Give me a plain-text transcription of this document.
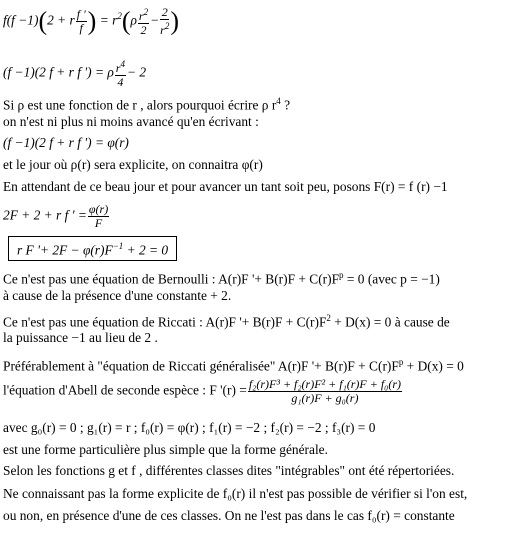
f(f −1)(2 + r $\frac{f '}{f}$ ) = $r^2(\rho \frac{r^2}{2} - \frac{2}{r^2}$ )
(f −1)(2 f + r f ') = ρ $\frac{r^4}{4} - 2$
Si ρ est une fonction de r , alors pourquoi écrire ρ $r^4$ ?
on n'est ni plus ni moins avancé qu'en écrivant :
(f −1)(2 f + r f ') = φ(r)
et le jour où ρ(r) sera explicite, on connaitra φ(r)
En attendant de ce beau jour et pour avancer un tant soit peu, posons F(r) = f (r) −1
2F + 2 + r f ' = $\frac{\varphi(r)}{F}$
r F '+ $2F - \varphi(r)F^{-1} + 2 = 0$
Ce n'est pas une équation de Bernoulli : A(r)F '+ $B(r)F + C(r)F^p = 0$ (avec p = −1)
à cause de la présence d'une constante + 2.
Ce n'est pas une équation de Riccati : A(r)F '+ $B(r)F + C(r)F^2 + D(x) = 0$ à cause de
la puissance −1 au lieu de 2 .
Préférablement à "équation de Riccati généralisée" A(r)F '+ $B(r)F + C(r)F^p + D(x) = 0$
l'équation d'Abell de seconde espèce : F '$(r) = \frac{\text{f₂(r)F³ + f₂(r)F² + f₁(r)F + f₀(r)}}{\text{g₁(r)F + g₀(r)}}$
avec g₀(r) = 0 ; g₁(r) = r ; f₀(r) = φ(r) ; f₁(r) = −2 ; f₂(r) = −2 ; f₃(r) = 0
est une forme particulière plus simple que la forme générale.
Selon les fonctions g et f , différentes classes dites "intégrables" ont été répertoriées.
Ne connaissant pas la forme explicite de f₀(r) il n'est pas possible de vérifier si l'on est,
ou non, en présence d'une de ces classes. On ne l'est pas dans le cas f₀(r) = constante
